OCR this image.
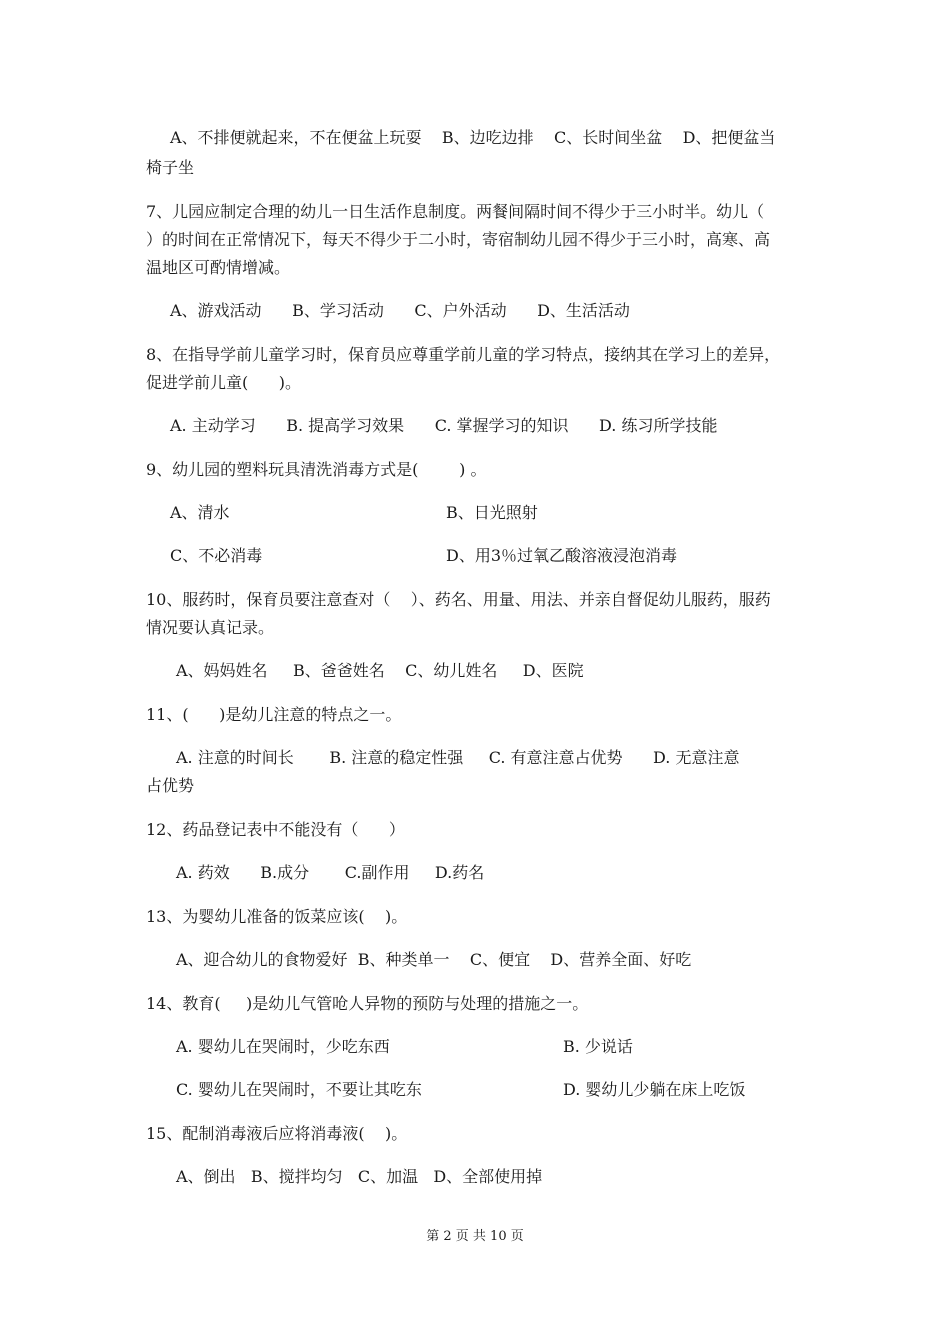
A、不排便就起来，不在便盆上玩耍    B、边吃边排    C、长时间坐盆    D、把便盆当
椅子坐
7、儿园应制定合理的幼儿一日生活作息制度。两餐间隔时间不得少于三小时半。幼儿（
）的时间在正常情况下，每天不得少于二小时，寄宿制幼儿园不得少于三小时，高寒、高
温地区可酌情增减。
A、游戏活动      B、学习活动      C、户外活动      D、生活活动
8、在指导学前儿童学习时，保育员应尊重学前儿童的学习特点，接纳其在学习上的差异，
促进学前儿童(      )。
A. 主动学习      B. 提高学习效果      C. 掌握学习的知识      D. 练习所学技能
9、幼儿园的塑料玩具清洗消毒方式是(        ) 。
A、清水	B、日光照射
C、不必消毒	D、用3％过氧乙酸溶液浸泡消毒
10、服药时，保育员要注意查对（    ）、药名、用量、用法、并亲自督促幼儿服药，服药
情况要认真记录。
A、妈妈姓名     B、爸爸姓名    C、幼儿姓名     D、医院
11、(      )是幼儿注意的特点之一。
A. 注意的时间长       B. 注意的稳定性强     C. 有意注意占优势      D. 无意注意
占优势
12、药品登记表中不能没有（      ）
A. 药效      B.成分       C.副作用     D.药名
13、为婴幼儿准备的饭菜应该(    )。
A、迎合幼儿的食物爱好  B、种类单一    C、便宜    D、营养全面、好吃
14、教育(     )是幼儿气管呛人异物的预防与处理的措施之一。
A. 婴幼儿在哭闹时，少吃东西	B. 少说话
C. 婴幼儿在哭闹时，不要让其吃东	D. 婴幼儿少躺在床上吃饭
15、配制消毒液后应将消毒液(    )。
A、倒出   B、搅拌均匀   C、加温   D、全部使用掉
第 2 页 共 10 页
